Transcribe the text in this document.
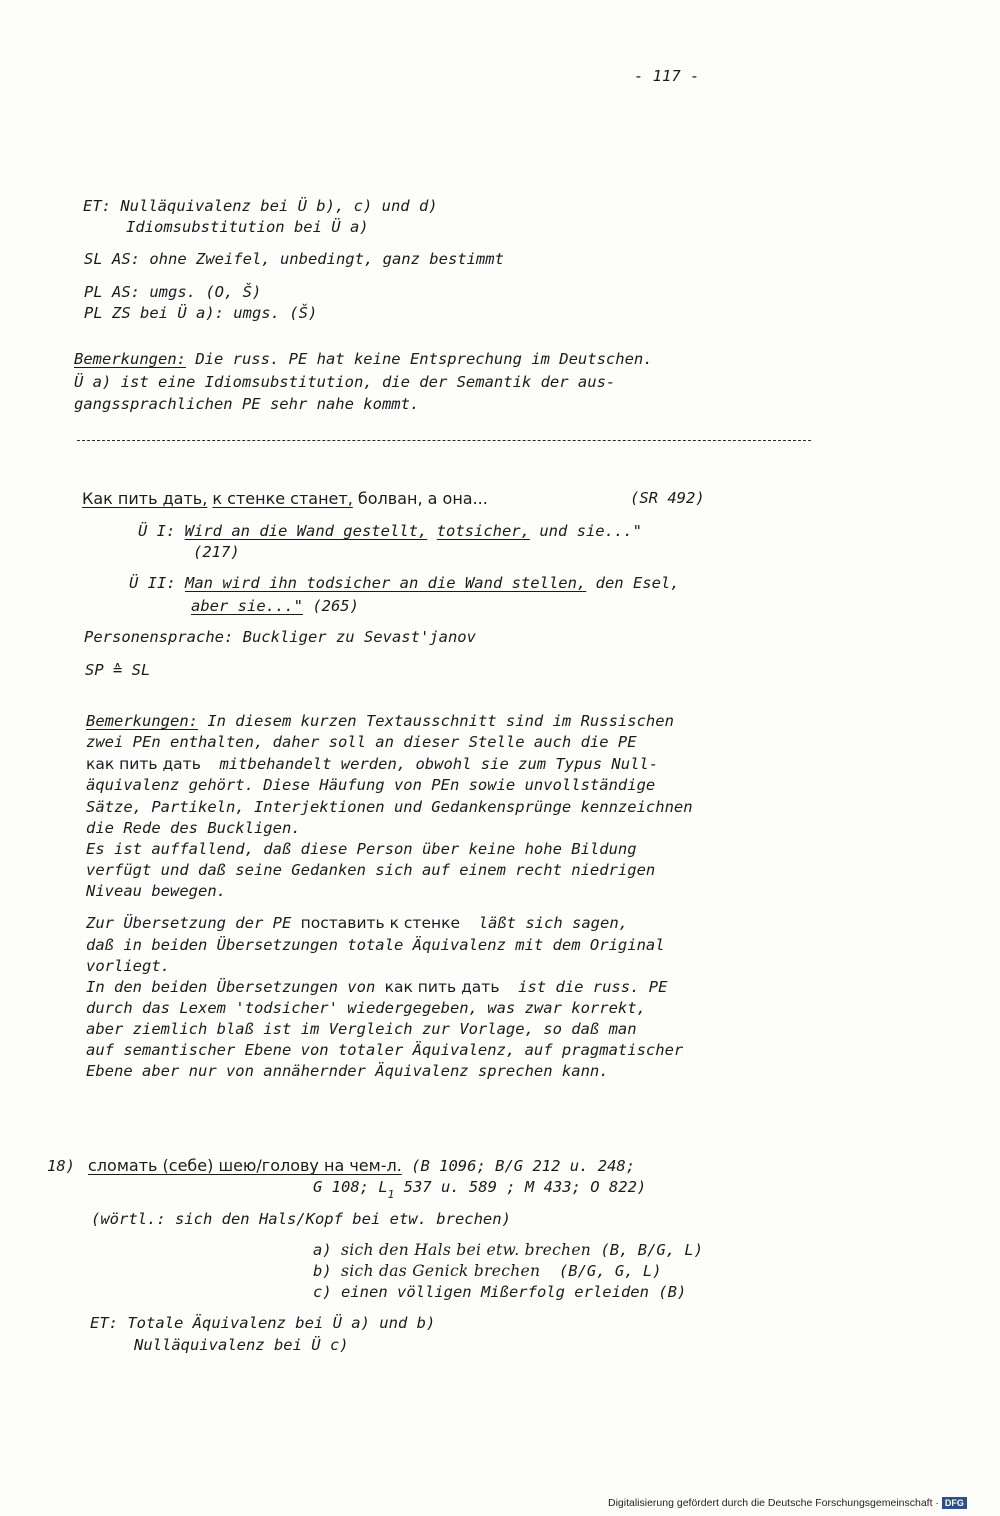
- 117 -
ET: Nulläquivalenz bei Ü b), c) und d)
Idiomsubstitution bei Ü a)
SL AS: ohne Zweifel, unbedingt, ganz bestimmt
PL AS: umgs. (O, Š)
PL ZS bei Ü a): umgs. (Š)
Bemerkungen: Die russ. PE hat keine Entsprechung im Deutschen.
Ü a) ist eine Idiomsubstitution, die der Semantik der aus-
gangssprachlichen PE sehr nahe kommt.
Как пить дать, к стенке станет, болван, а она...	(SR 492)
Ü I: Wird an die Wand gestellt, totsicher, und sie..."
(217)
Ü II: Man wird ihn todsicher an die Wand stellen, den Esel,
aber sie..." (265)
Personensprache: Buckliger zu Sevast'janov
SP ≙ SL
Bemerkungen: In diesem kurzen Textausschnitt sind im Russischen
zwei PEn enthalten, daher soll an dieser Stelle auch die PE
как пить дать  mitbehandelt werden, obwohl sie zum Typus Null-
äquivalenz gehört. Diese Häufung von PEn sowie unvollständige
Sätze, Partikeln, Interjektionen und Gedankensprünge kennzeichnen
die Rede des Buckligen.
Es ist auffallend, daß diese Person über keine hohe Bildung
verfügt und daß seine Gedanken sich auf einem recht niedrigen
Niveau bewegen.
Zur Übersetzung der PE поставить к стенке  läßt sich sagen,
daß in beiden Übersetzungen totale Äquivalenz mit dem Original
vorliegt.
In den beiden Übersetzungen von как пить дать  ist die russ. PE
durch das Lexem 'todsicher' wiedergegeben, was zwar korrekt,
aber ziemlich blaß ist im Vergleich zur Vorlage, so daß man
auf semantischer Ebene von totaler Äquivalenz, auf pragmatischer
Ebene aber nur von annähernder Äquivalenz sprechen kann.
18) сломать (себе) шею/голову на чем-л. (B 1096; B/G 212 u. 248;
G 108; $L_1$ 537 u. 589 ; M 433; O 822)
(wörtl.: sich den Hals/Kopf bei etw. brechen)
a) sich den Hals bei etw. brechen (B, B/G, L)
b) sich das Genick brechen  (B/G, G, L)
c) einen völligen Mißerfolg erleiden (B)
ET: Totale Äquivalenz bei Ü a) und b)
Nulläquivalenz bei Ü c)
Digitalisierung gefördert durch die Deutsche Forschungsgemeinschaft · DFG
